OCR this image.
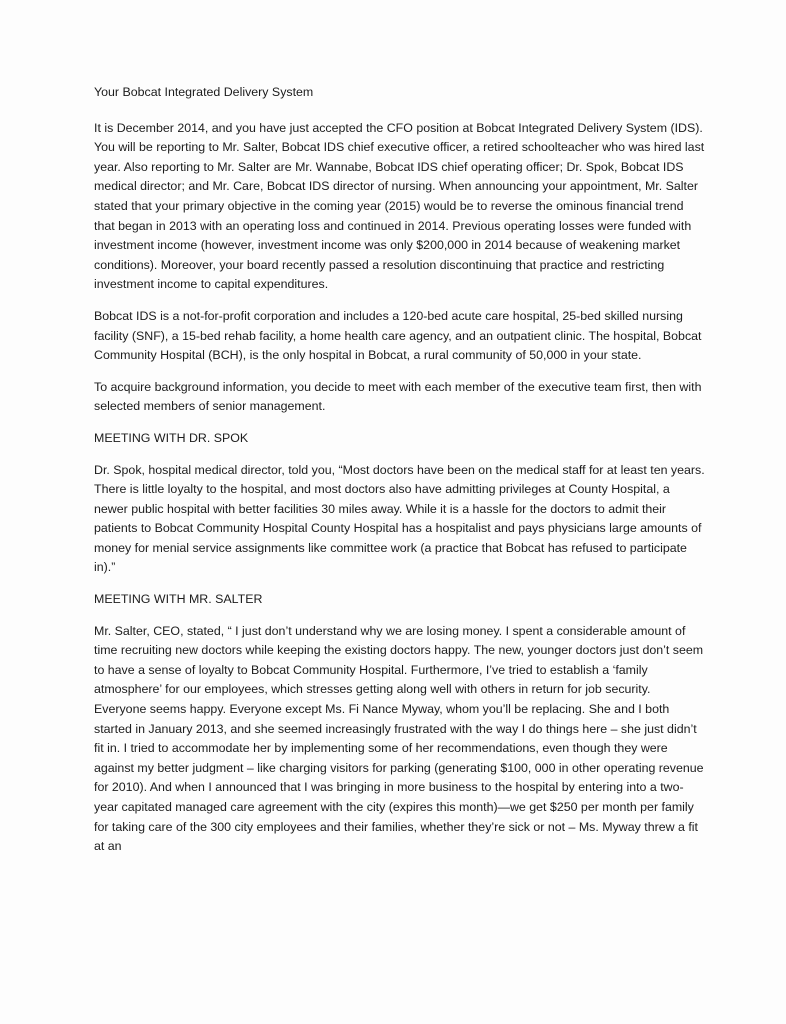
Your Bobcat Integrated Delivery System

It is December 2014, and you have just accepted the CFO position at Bobcat Integrated Delivery System (IDS). You will be reporting to Mr. Salter, Bobcat IDS chief executive officer, a retired schoolteacher who was hired last year. Also reporting to Mr. Salter are Mr. Wannabe, Bobcat IDS chief operating officer; Dr. Spok, Bobcat IDS medical director; and Mr. Care, Bobcat IDS director of nursing. When announcing your appointment, Mr. Salter stated that your primary objective in the coming year (2015) would be to reverse the ominous financial trend that began in 2013 with an operating loss and continued in 2014. Previous operating losses were funded with investment income (however, investment income was only $200,000 in 2014 because of weakening market conditions). Moreover, your board recently passed a resolution discontinuing that practice and restricting investment income to capital expenditures.

Bobcat IDS is a not-for-profit corporation and includes a 120-bed acute care hospital, 25-bed skilled nursing facility (SNF), a 15-bed rehab facility, a home health care agency, and an outpatient clinic. The hospital, Bobcat Community Hospital (BCH), is the only hospital in Bobcat, a rural community of 50,000 in your state.

To acquire background information, you decide to meet with each member of the executive team first, then with selected members of senior management.

MEETING WITH DR. SPOK

Dr. Spok, hospital medical director, told you, “Most doctors have been on the medical staff for at least ten years. There is little loyalty to the hospital, and most doctors also have admitting privileges at County Hospital, a newer public hospital with better facilities 30 miles away. While it is a hassle for the doctors to admit their patients to Bobcat Community Hospital County Hospital has a hospitalist and pays physicians large amounts of money for menial service assignments like committee work (a practice that Bobcat has refused to participate in).”

MEETING WITH MR. SALTER

Mr. Salter, CEO, stated, “ I just don’t understand why we are losing money. I spent a considerable amount of time recruiting new doctors while keeping the existing doctors happy. The new, younger doctors just don’t seem to have a sense of loyalty to Bobcat Community Hospital. Furthermore, I’ve tried to establish a ‘family atmosphere’ for our employees, which stresses getting along well with others in return for job security. Everyone seems happy. Everyone except Ms. Fi Nance Myway, whom you’ll be replacing. She and I both started in January 2013, and she seemed increasingly frustrated with the way I do things here – she just didn’t fit in. I tried to accommodate her by implementing some of her recommendations, even though they were against my better judgment – like charging visitors for parking (generating $100, 000 in other operating revenue for 2010). And when I announced that I was bringing in more business to the hospital by entering into a two-year capitated managed care agreement with the city (expires this month)—we get $250 per month per family for taking care of the 300 city employees and their families, whether they’re sick or not – Ms. Myway threw a fit at an
